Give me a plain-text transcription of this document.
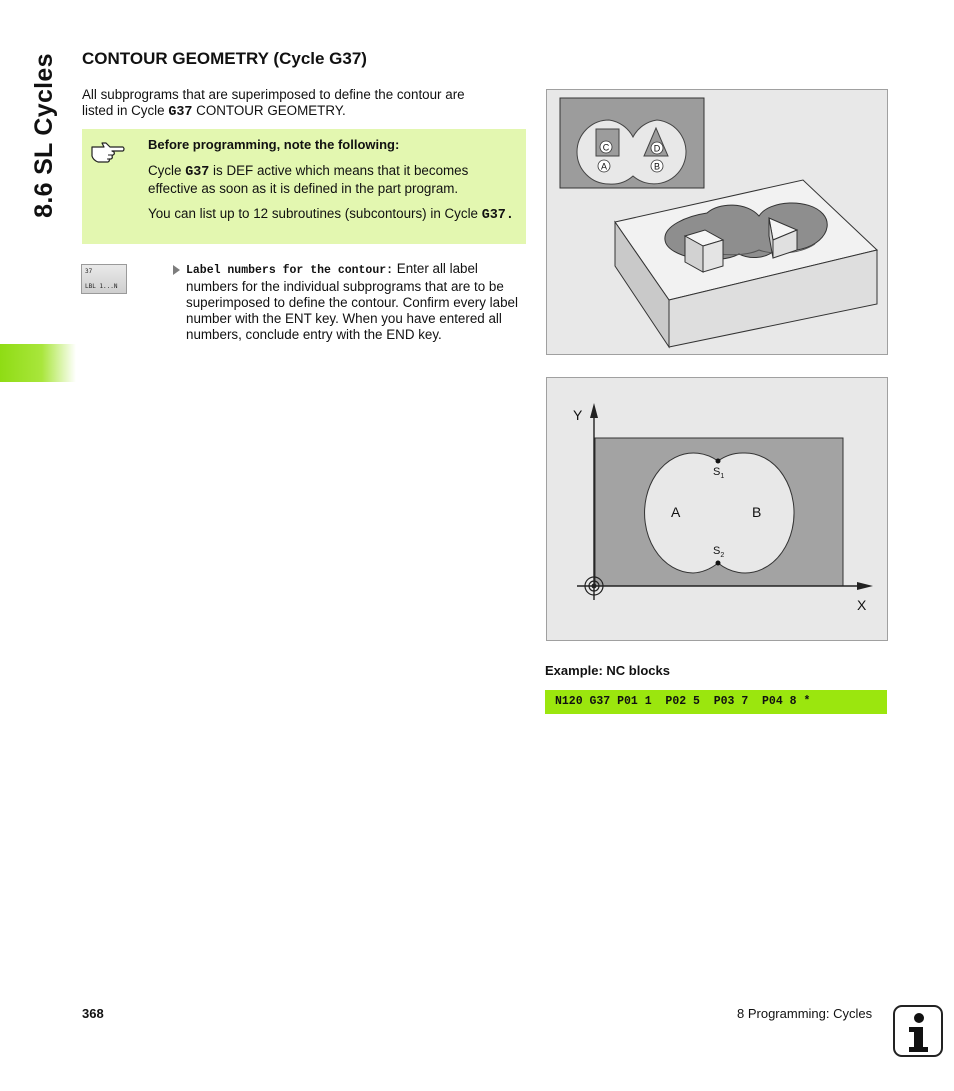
8.6 SL Cycles CONTOUR GEOMETRY (Cycle G37)
All subprograms that are superimposed to define the contour are
listed in Cycle G37 CONTOUR GEOMETRY.

Before programming, note the following:

Cycle G37 is DEF active which means that it becomes effective as soon as it is defined in the part program.

You can list up to 12 subroutines (subcontours) in Cycle G37.

37
LBL 1...N
Label numbers for the contour: Enter all label numbers for the individual subprograms that are to be superimposed to define the contour. Confirm every label number with the ENT key. When you have entered all numbers, conclude entry with the END key.
C	D
A	B
Y
X
A	B
$S_1$
$S_2$
Example: NC blocks
N120 G37 P01 1  P02 5  P03 7  P04 8 *
368	8 Programming: Cycles
